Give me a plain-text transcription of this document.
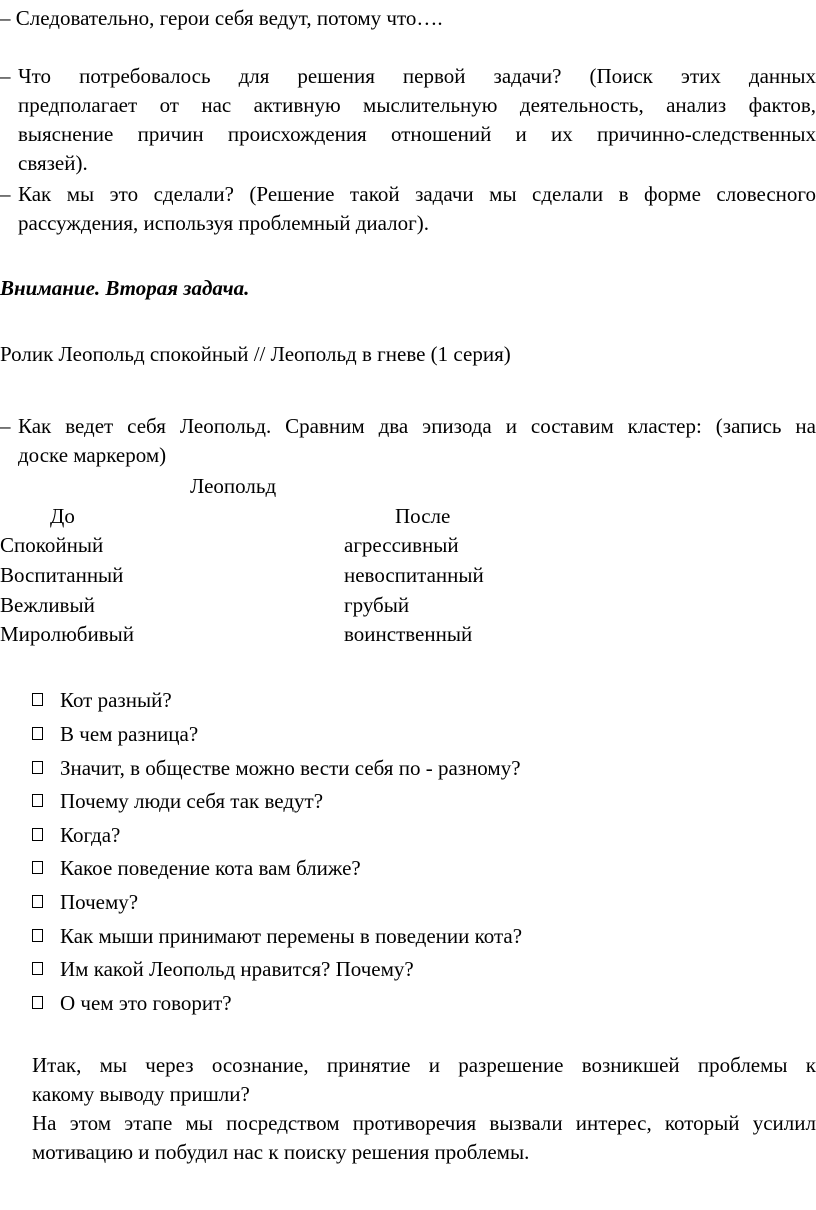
– Следовательно, герои себя ведут, потому что….
– Что потребовалось для решения первой задачи? (Поиск этих данных
предполагает от нас активную мыслительную деятельность, анализ фактов,
выяснение причин происхождения отношений и их причинно-следственных
связей).
– Как мы это сделали? (Решение такой задачи мы сделали в форме словесного
рассуждения, используя проблемный диалог).
Внимание. Вторая задача.
Ролик Леопольд спокойный // Леопольд в гневе (1 серия)
– Как ведет себя Леопольд. Сравним два эпизода и составим кластер: (запись на
доске маркером)
Леопольд
До	После
Спокойный	агрессивный
Воспитанный	невоспитанный
Вежливый	грубый
Миролюбивый	воинственный
Кот разный?
В чем разница?
Значит, в обществе можно вести себя по - разному?
Почему люди себя так ведут?
Когда?
Какое поведение кота вам ближе?
Почему?
Как мыши принимают перемены в поведении кота?
Им какой Леопольд нравится? Почему?
О чем это говорит?
Итак, мы через осознание, принятие и разрешение возникшей проблемы к
какому выводу пришли?
На этом этапе мы посредством противоречия вызвали интерес, который усилил
мотивацию и побудил нас к поиску решения проблемы.
